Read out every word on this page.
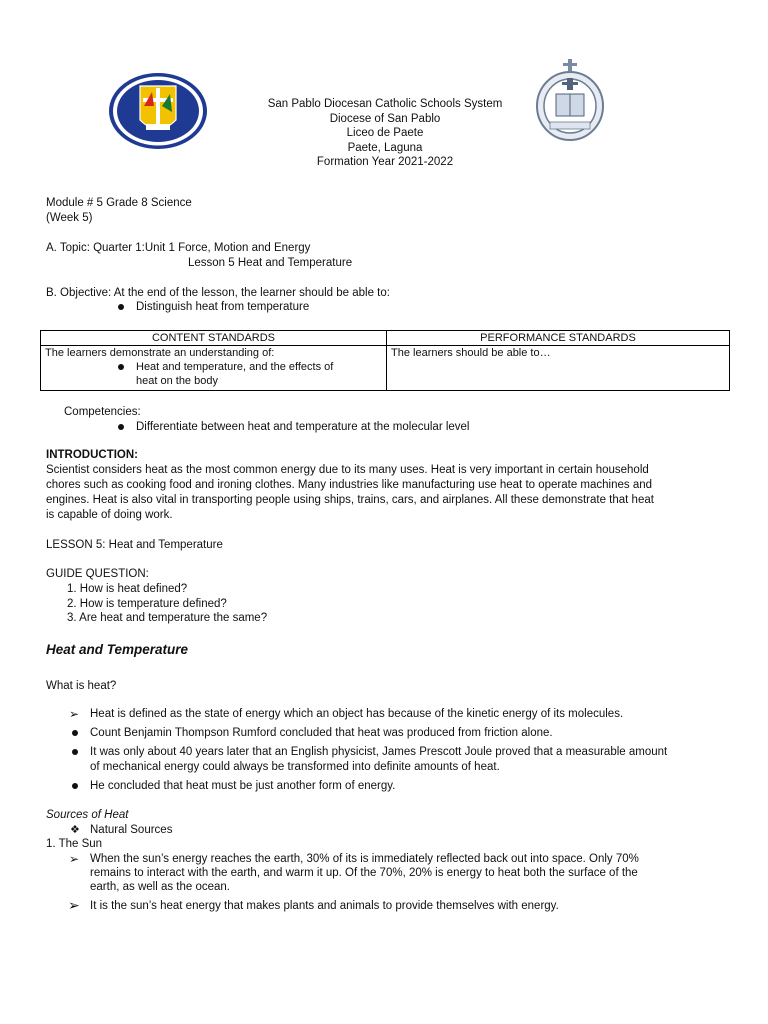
San Pablo Diocesan Catholic Schools System
Diocese of San Pablo
Liceo de Paete
Paete, Laguna
Formation Year 2021-2022
Module # 5 Grade 8 Science
(Week 5)
A. Topic: Quarter 1:Unit 1 Force, Motion and Energy
Lesson 5 Heat and Temperature
B. Objective: At the end of the lesson, the learner should be able to:
Distinguish heat from temperature
CONTENT STANDARDS	PERFORMANCE STANDARDS

The learners demonstrate an understanding of:
Heat and temperature, and the effects of
heat on the body	The learners should be able to…
Competencies:
Differentiate between heat and temperature at the molecular level
INTRODUCTION:

Scientist considers heat as the most common energy due to its many uses. Heat is very important in certain household

chores such as cooking food and ironing clothes. Many industries like manufacturing use heat to operate machines and

engines. Heat is also vital in transporting people using ships, trains, cars, and airplanes. All these demonstrate that heat

is capable of doing work.

LESSON 5: Heat and Temperature
GUIDE QUESTION:
1. How is heat defined?
2. How is temperature defined?
3. Are heat and temperature the same?
Heat and Temperature
What is heat?
➢ Heat is defined as the state of energy which an object has because of the kinetic energy of its molecules.
Count Benjamin Thompson Rumford concluded that heat was produced from friction alone.
It was only about 40 years later that an English physicist, James Prescott Joule proved that a measurable amount
of mechanical energy could always be transformed into definite amounts of heat.
He concluded that heat must be just another form of energy.
Sources of Heat
❖ Natural Sources
1. The Sun
➢ When the sun’s energy reaches the earth, 30% of its is immediately reflected back out into space. Only 70%
remains to interact with the earth, and warm it up. Of the 70%, 20% is energy to heat both the surface of the
earth, as well as the ocean.
➢ It is the sun’s heat energy that makes plants and animals to provide themselves with energy.
